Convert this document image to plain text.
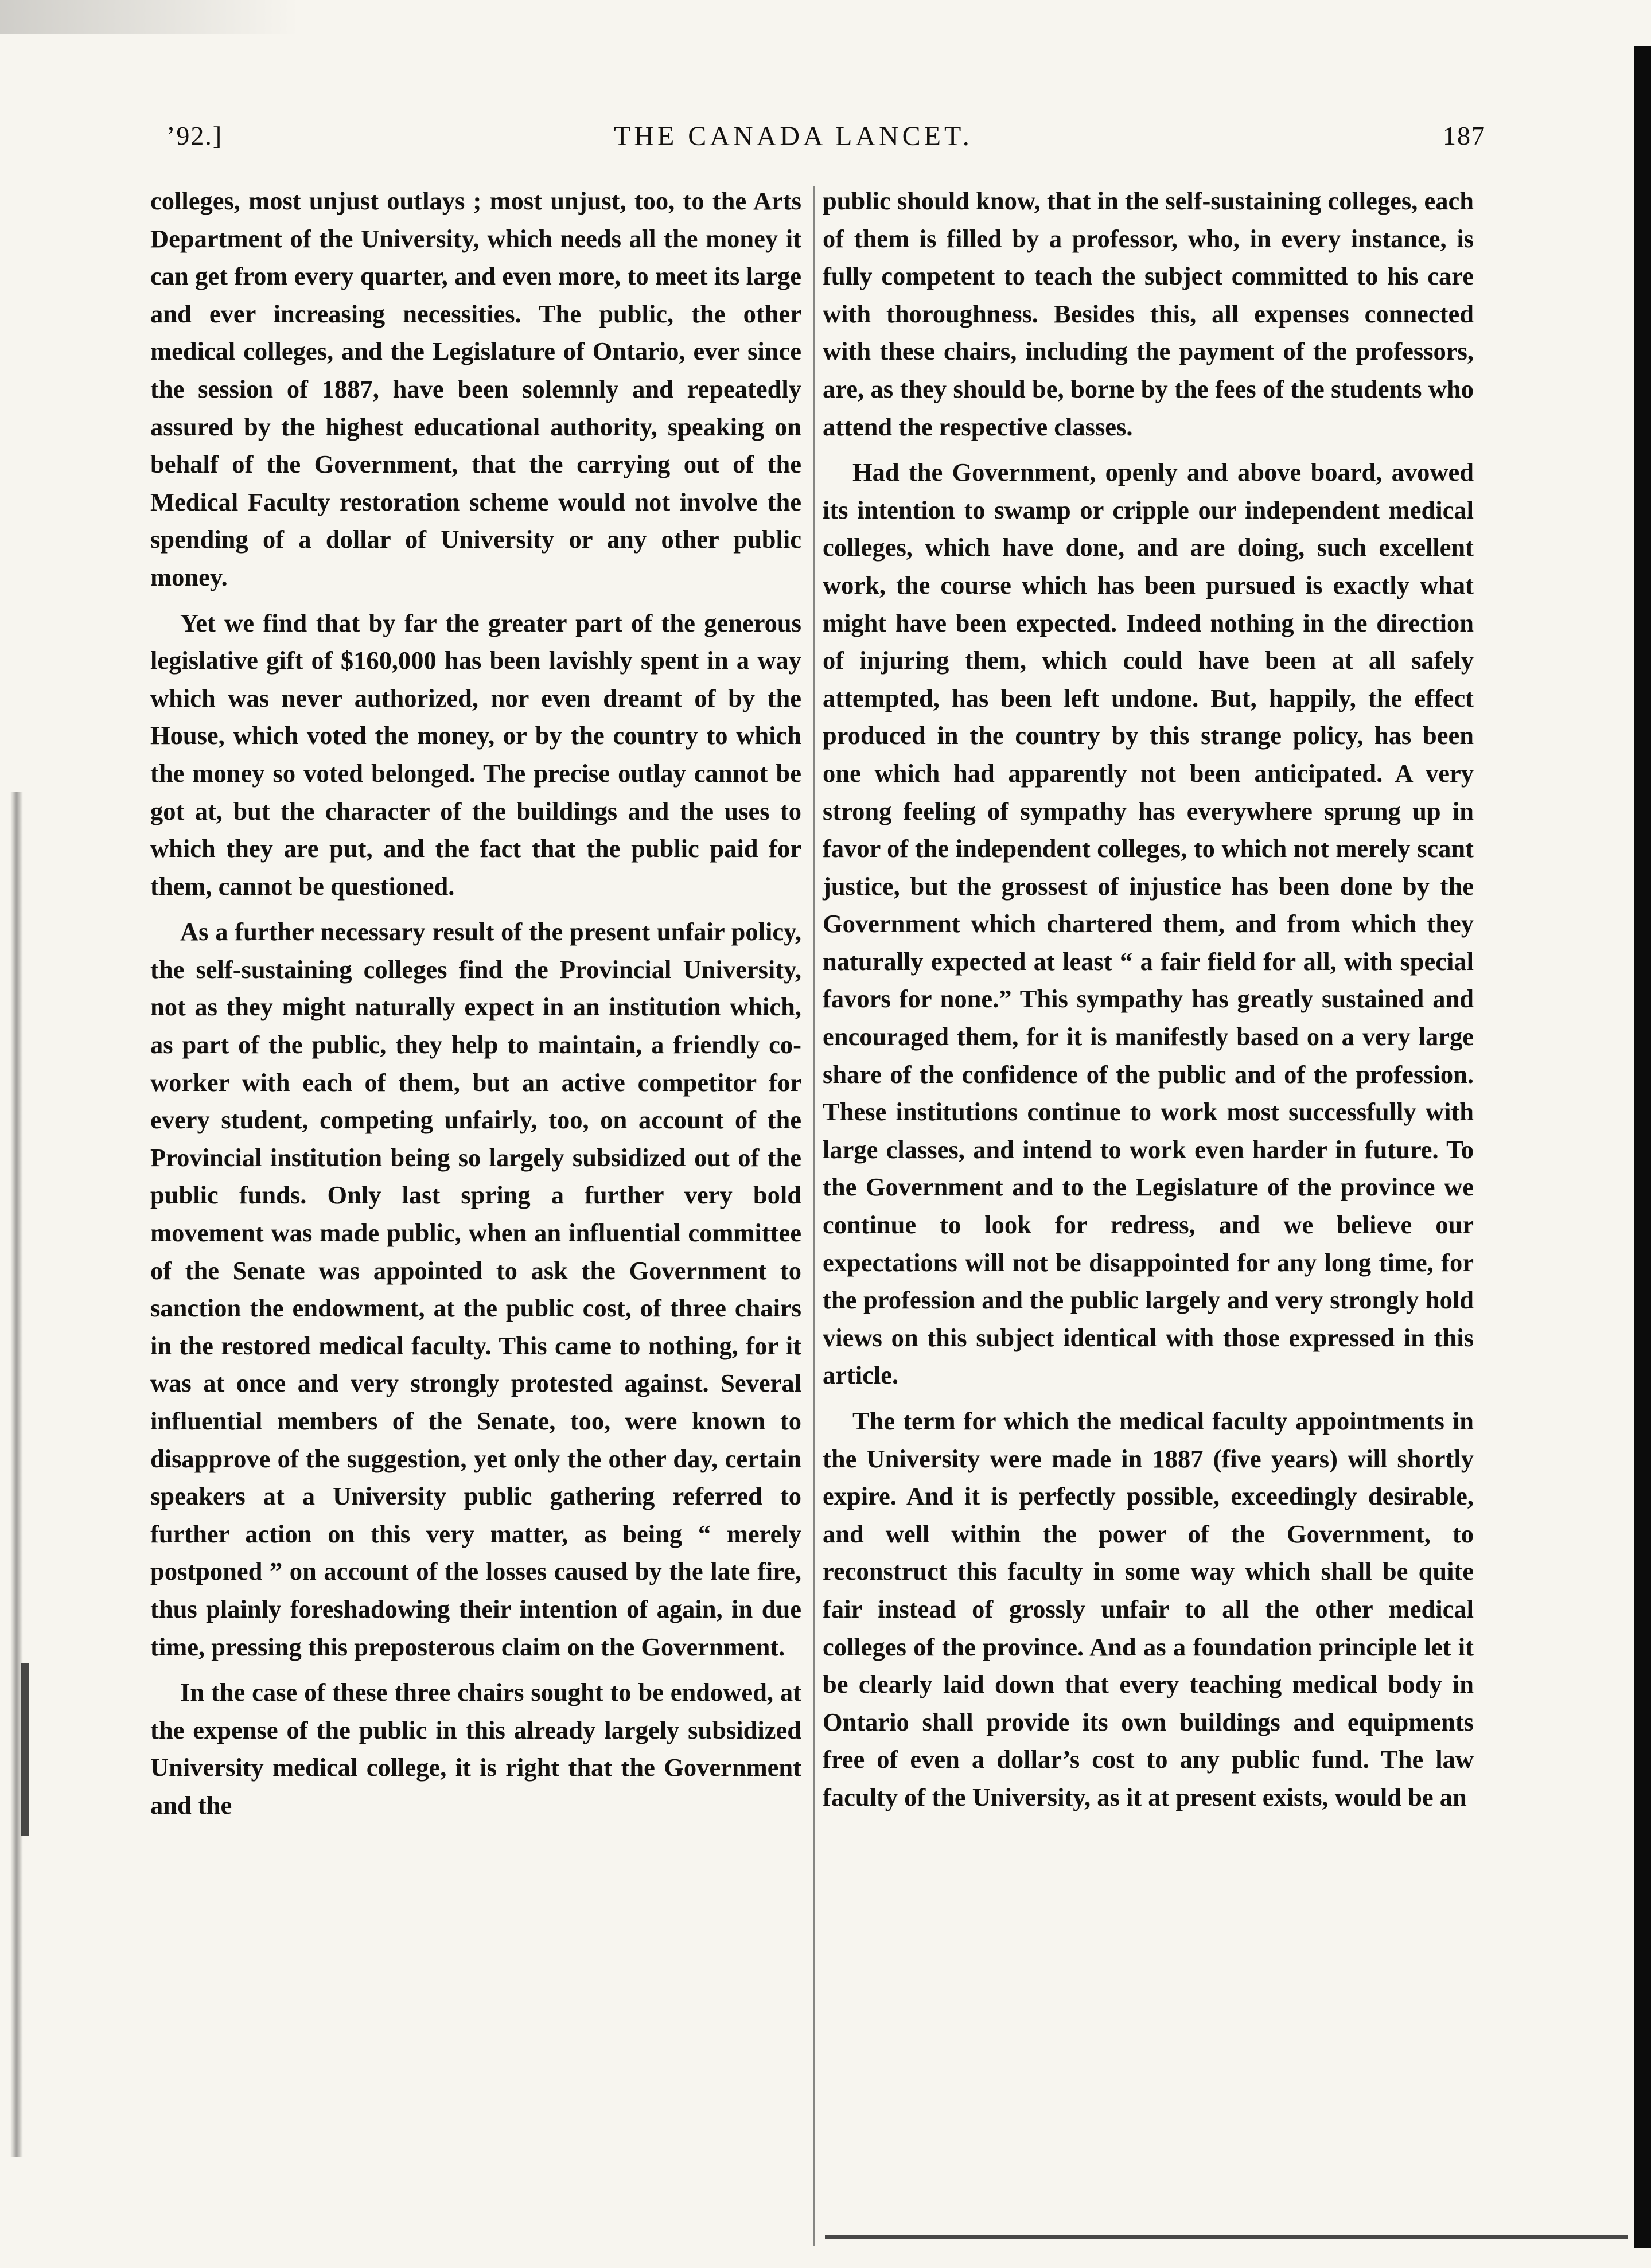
’92.]	THE CANADA LANCET.	187

colleges, most unjust outlays ; most unjust, too, to the Arts Department of the University, which needs all the money it can get from every quarter, and even more, to meet its large and ever increasing necessities. The public, the other medical colleges, and the Legislature of Ontario, ever since the session of 1887, have been solemnly and repeatedly assured by the highest educational authority, speaking on behalf of the Government, that the carrying out of the Medical Faculty restoration scheme would not involve the spending of a dollar of University or any other public money.

Yet we find that by far the greater part of the generous legislative gift of $160,000 has been lavishly spent in a way which was never authorized, nor even dreamt of by the House, which voted the money, or by the country to which the money so voted belonged. The precise outlay cannot be got at, but the character of the buildings and the uses to which they are put, and the fact that the public paid for them, cannot be questioned.

As a further necessary result of the present unfair policy, the self-sustaining colleges find the Provincial University, not as they might naturally expect in an institution which, as part of the public, they help to maintain, a friendly co-worker with each of them, but an active competitor for every student, competing unfairly, too, on account of the Provincial institution being so largely subsidized out of the public funds. Only last spring a further very bold movement was made public, when an influential committee of the Senate was appointed to ask the Government to sanction the endowment, at the public cost, of three chairs in the restored medical faculty. This came to nothing, for it was at once and very strongly protested against. Several influential members of the Senate, too, were known to disapprove of the suggestion, yet only the other day, certain speakers at a University public gathering referred to further action on this very matter, as being “ merely postponed ” on account of the losses caused by the late fire, thus plainly foreshadowing their intention of again, in due time, pressing this preposterous claim on the Government.

In the case of these three chairs sought to be endowed, at the expense of the public in this already largely subsidized University medical college, it is right that the Government and the

public should know, that in the self-sustaining colleges, each of them is filled by a professor, who, in every instance, is fully competent to teach the subject committed to his care with thoroughness. Besides this, all expenses connected with these chairs, including the payment of the professors, are, as they should be, borne by the fees of the students who attend the respective classes.

Had the Government, openly and above board, avowed its intention to swamp or cripple our independent medical colleges, which have done, and are doing, such excellent work, the course which has been pursued is exactly what might have been expected. Indeed nothing in the direction of injuring them, which could have been at all safely attempted, has been left undone. But, happily, the effect produced in the country by this strange policy, has been one which had apparently not been anticipated. A very strong feeling of sympathy has everywhere sprung up in favor of the independent colleges, to which not merely scant justice, but the grossest of injustice has been done by the Government which chartered them, and from which they naturally expected at least “ a fair field for all, with special favors for none.” This sympathy has greatly sustained and encouraged them, for it is manifestly based on a very large share of the confidence of the public and of the profession. These institutions continue to work most successfully with large classes, and intend to work even harder in future. To the Government and to the Legislature of the province we continue to look for redress, and we believe our expectations will not be disappointed for any long time, for the profession and the public largely and very strongly hold views on this subject identical with those expressed in this article.

The term for which the medical faculty appointments in the University were made in 1887 (five years) will shortly expire. And it is perfectly possible, exceedingly desirable, and well within the power of the Government, to reconstruct this faculty in some way which shall be quite fair instead of grossly unfair to all the other medical colleges of the province. And as a foundation principle let it be clearly laid down that every teaching medical body in Ontario shall provide its own buildings and equipments free of even a dollar’s cost to any public fund. The law faculty of the University, as it at present exists, would be an
